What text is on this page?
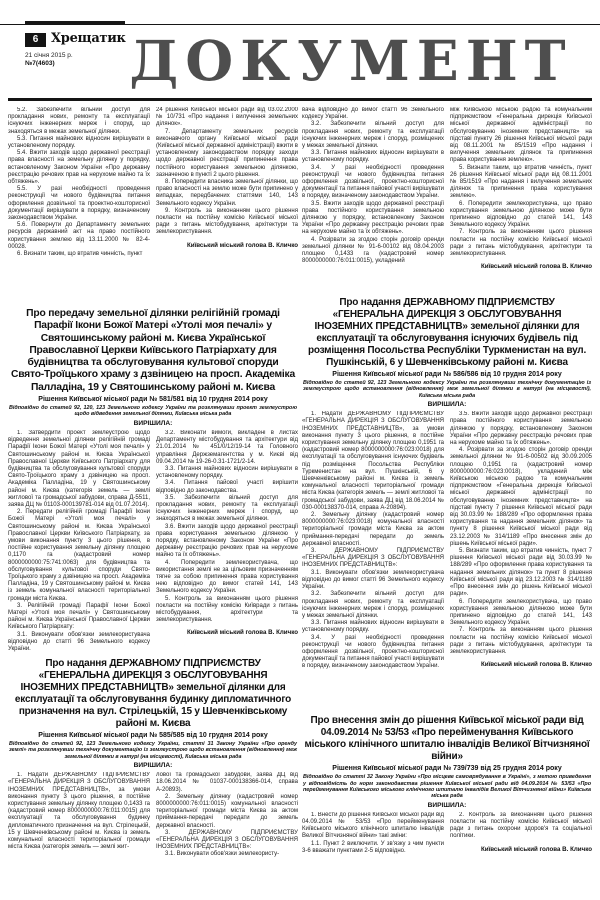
6 Хрещатик
21 січня 2015 р.
№7(4603)	ДОКУМЕНТ

5.2. Забезпечити вільний доступ для прокладання нових, ремонту та експлуатації існуючих інженерних мереж і споруд, що знаходяться в межах земельної ділянки.

5.3. Питання майнових відносин вирішувати в установленому порядку.

5.4. Вжити заходів щодо державної реєстрації права власності на земельну ділянку у порядку, встановленому Законом України «Про державну реєстрацію речових прав на нерухоме майно та їх обтяжень».

5.5. У разі необхідності проведення реконструкції чи нового будівництва питання оформлення дозвільної та проектно-кошторисної документації вирішувати в порядку, визначеному законодавством України.

5.6. Повернути до Департаменту земельних ресурсів державний акт на право постійного користування землею від 13.11.2000 № 82-4-00028.

6. Визнати таким, що втратив чинність, пункт

24 рішення Київської міської ради від 03.02.2000 № 10/731 «Про надання і вилучення земельних ділянок».

7. Департаменту земельних ресурсів виконавчого органу Київської міської ради (Київської міської державної адміністрації) вжити в установленому законодавством порядку заходи щодо державної реєстрації припинення права постійного користування земельною ділянкою, зазначеною в пункті 2 цього рішення.

8. Попередити власника земельної ділянки, що право власності на землю може бути припинено у випадках, передбачених статтями 140, 143 Земельного кодексу України.

9. Контроль за виконанням цього рішення покласти на постійну комісію Київської міської ради з питань містобудування, архітектури та землекористування.

Київський міський голова В. Кличко
Про передачу земельної ділянки релігійній громаді Парафії Ікони Божої Матері «Утолі моя печалі» у Святошинському районі м. Києва Української Православної Церкви Київського Патріархату для будівництва та обслуговування культової споруди Свято-Троїцького храму з дзвіницею на просп. Академіка Палладіна, 19 у Святошинському районі м. Києва
Рішення Київської міської ради № 581/581 від 10 грудня 2014 року
Відповідно до статей 92, 120, 123 Земельного кодексу України та розглянувши проект землеустрою щодо відведення земельної ділянки, Київська міська рада
ВИРІШИЛА:

1. Затвердити проект землеустрою щодо відведення земельної ділянки релігійній громаді Парафії Ікони Божої Матері «Утолі моя печалі» у Святошинському районі м. Києва Української Православної Церкви Київського Патріархату для будівництва та обслуговування культової споруди Свято-Троїцького храму з дзвіницею на просп. Академіка Палладіна, 19 у Святошинському районі м. Києва (категорія земель — землі житлової та громадської забудови, справа Д-5511, заява ДЦ № 01103-000139781-014 від 01.07.2014).

2. Передати релігійній громаді Парафії Ікони Божої Матері «Утолі моя печалі» у Святошинському районі м. Києва Української Православної Церкви Київського Патріархату, за умови виконання пункту 3 цього рішення, в постійне користування земельну ділянку площею 0,1170 га (кадастровий номер 8000000000:75:741:0063) для будівництва та обслуговування культової споруди Свято-Троїцького храму з дзвіницею на просп. Академіка Палладіна, 19 у Святошинському районі м. Києва із земель комунальної власності територіальної громади міста Києва.

3. Релігійній громаді Парафії Ікони Божої Матері «Утолі моя печалі» у Святошинському районі м. Києва Української Православної Церкви Київського Патріархату:

3.1. Виконувати обов'язки землекористувача відповідно до статті 96 Земельного кодексу України.

3.2. Виконати вимоги, викладені в листах Департаменту містобудування та архітектури від 21.01.2014 № 451/0/12/19-14 та Головного управління Держземагентства у м. Києві від 09.04.2014 № 19-26-0.31-1721/2-14.

3.3. Питання майнових відносин вирішувати в установленому порядку.

3.4. Питання пайової участі вирішити відповідно до законодавства.

3.5. Забезпечити вільний доступ для прокладання нових, ремонту та експлуатації існуючих інженерних мереж і споруд, що знаходяться в межах земельної ділянки.

3.6. Вжити заходів щодо державної реєстрації права користування земельною ділянкою у порядку, встановленому Законом України «Про державну реєстрацію речових прав на нерухоме майно та їх обтяжень».

4. Попередити землекористувача, що використання землі не за цільовим призначенням тягне за собою припинення права користування нею відповідно до вимог статей 141, 143 Земельного кодексу України.

5. Контроль за виконанням цього рішення покласти на постійну комісію Київради з питань містобудування, архітектури та землекористування.

Київський міський голова В. Кличко
Про надання ДЕРЖАВНОМУ ПІДПРИЄМСТВУ «ГЕНЕРАЛЬНА ДИРЕКЦІЯ З ОБСЛУГОВУВАННЯ ІНОЗЕМНИХ ПРЕДСТАВНИЦТВ» земельної ділянки для експлуатації та обслуговування будинку дипломатичного призначення на вул. Стрілецькій, 15 у Шевченківському районі м. Києва
Рішення Київської міської ради № 585/585 від 10 грудня 2014 року
Відповідно до статей 92, 123 Земельного кодексу України, статті 31 Закону України «Про оренду землі» та розглянувши технічну документацію із землеустрою щодо встановлення (відновлення) меж земельної ділянки в натурі (на місцевості), Київська міська рада
ВИРІШИЛА:

1. Надати ДЕРЖАВНОМУ ПІДПРИЄМСТВУ «ГЕНЕРАЛЬНА ДИРЕКЦІЯ З ОБСЛУГОВУВАННЯ ІНОЗЕМНИХ ПРЕДСТАВНИЦТВ», за умови виконання пункту 3 цього рішення, в постійне користування земельну ділянку площею 0,1433 га (кадастровий номер 8000000000:76:011:0015) для експлуатації та обслуговування будинку дипломатичного призначення на вул. Стрілецькій, 15 у Шевченківському районі м. Києва із земель комунальної власності територіальної громади міста Києва (категорія земель — землі жит-

лової та громадської забудови, заява ДЦ від 18.06.2014 № 01037-000138366-014, справа А-20893).

2. Земельну ділянку (кадастровий номер 8000000000:76:011:0015) комунальної власності територіальної громади міста Києва за актом приймання-передачі передати до земель державної власності.

3. ДЕРЖАВНОМУ ПІДПРИЄМСТВУ «ГЕНЕРАЛЬНА ДИРЕКЦІЯ З ОБСЛУГОВУВАННЯ ІНОЗЕМНИХ ПРЕДСТАВНИЦТВ»:

3.1. Виконувати обов'язки землекористу-

вача відповідно до вимог статті 96 Земельного кодексу України.

3.2. Забезпечити вільний доступ для прокладання нових, ремонту та експлуатації існуючих інженерних мереж і споруд, розміщених у межах земельної ділянки.

3.3. Питання майнових відносин вирішувати в установленому порядку.

3.4. У разі необхідності проведення реконструкції чи нового будівництва питання оформлення дозвільної, проектно-кошторисної документації та питання пайової участі вирішувати в порядку, визначеному законодавством України.

3.5. Вжити заходів щодо державної реєстрації права постійного користування земельною ділянкою у порядку, встановленому Законом України «Про державну реєстрацію речових прав на нерухоме майно та їх обтяжень».

4. Розірвати за згодою сторін договір оренди земельної ділянки № 91-6-00102 від 08.04.2003 площею 0,1433 га (кадастровий номер 8000000000:76:011:0015), укладений

між Київською міською радою та комунальним підприємством «Генеральна дирекція Київської міської державної адміністрації по обслуговуванню іноземних представництв» на підставі пункту 26 рішення Київської міської ради від 08.11.2001 № 85/1519 «Про надання і вилучення земельних ділянок та припинення права користування землею».

5. Визнати таким, що втратив чинність, пункт 26 рішення Київської міської ради від 08.11.2001 № 85/1519 «Про надання і вилучення земельних ділянок та припинення права користування землею».

6. Попередити землекористувача, що право користування земельною ділянкою може бути припинено відповідно до статей 141, 143 Земельного кодексу України.

7. Контроль за виконанням цього рішення покласти на постійну комісію Київської міської ради з питань містобудування, архітектури та землекористування.

Київський міський голова В. Кличко
Про надання ДЕРЖАВНОМУ ПІДПРИЄМСТВУ «ГЕНЕРАЛЬНА ДИРЕКЦІЯ З ОБСЛУГОВУВАННЯ ІНОЗЕМНИХ ПРЕДСТАВНИЦТВ» земельної ділянки для експлуатації та обслуговування існуючих будівель під розміщення Посольства Республіки Туркменистан на вул. Пушкінській, 6 у Шевченківському районі м. Києва
Рішення Київської міської ради № 586/586 від 10 грудня 2014 року
Відповідно до статей 92, 123 Земельного кодексу України та розглянувши технічну документацію із землеустрою щодо встановлення (відновлення) меж земельної ділянки в натурі (на місцевості), Київська міська рада
ВИРІШИЛА:

1. Надати ДЕРЖАВНОМУ ПІДПРИЄМСТВУ «ГЕНЕРАЛЬНА ДИРЕКЦІЯ З ОБСЛУГОВУВАННЯ ІНОЗЕМНИХ ПРЕДСТАВНИЦТВ», за умови виконання пункту 3 цього рішення, в постійне користування земельну ділянку площею 0,1951 га (кадастровий номер 8000000000:76:023:0018) для експлуатації та обслуговування існуючих будівель під розміщення Посольства Республіки Туркменистан на вул. Пушкінській, 6 у Шевченківському районі м. Києва із земель комунальної власності територіальної громади міста Києва (категорія земель — землі житлової та громадської забудови, заява ДЦ від 18.06.2014 № 030-000138370-014, справа А-20894).

2. Земельну ділянку (кадастровий номер 8000000000:76:023:0018) комунальної власності територіальної громади міста Києва за актом приймання-передачі передати до земель державної власності.

3. ДЕРЖАВНОМУ ПІДПРИЄМСТВУ «ГЕНЕРАЛЬНА ДИРЕКЦІЯ З ОБСЛУГОВУВАННЯ ІНОЗЕМНИХ ПРЕДСТАВНИЦТВ»:

3.1. Виконувати обов'язки землекористувача відповідно до вимог статті 96 Земельного кодексу України.

3.2. Забезпечити вільний доступ для прокладання нових, ремонту та експлуатації існуючих інженерних мереж і споруд, розміщених у межах земельної ділянки.

3.3. Питання майнових відносин вирішувати в установленому порядку.

3.4. У разі необхідності проведення реконструкції чи нового будівництва питання оформлення дозвільної, проектно-кошторисної документації та питання пайової участі вирішувати в порядку, визначеному законодавством України.

3.5. Вжити заходів щодо державної реєстрації права постійного користування земельною ділянкою у порядку, встановленому Законом України «Про державну реєстрацію речових прав на нерухоме майно та їх обтяжень».

4. Розірвати за згодою сторін договір оренди земельної ділянки № 91-6-00502 від 30.09.2005 площею 0,1951 га (кадастровий номер 8000000000:76:023:0018), укладений між Київською міською радою та комунальним підприємством «Генеральна дирекція Київської міської державної адміністрації по обслуговуванню іноземних представництв» на підставі пункту 7 рішення Київської міської ради від 30.03.99 № 188/289 «Про оформлення права користування та надання земельних ділянок» та пункту 8 рішення Київської міської ради від 23.12.2003 № 314/1189 «Про внесення змін до рішень Київської міської ради».

5. Визнати таким, що втратив чинність, пункт 7 рішення Київської міської ради від 30.03.99 № 188/289 «Про оформлення права користування та надання земельних ділянок» та пункт 8 рішення Київської міської ради від 23.12.2003 № 314/1189 «Про внесення змін до рішень Київської міської ради».

6. Попередити землекористувача, що право користування земельною ділянкою може бути припинено відповідно до статей 141, 143 Земельного кодексу України.

7. Контроль за виконанням цього рішення покласти на постійну комісію Київської міської ради з питань містобудування, архітектури та землекористування.

Київський міський голова В. Кличко
Про внесення змін до рішення Київської міської ради від 04.09.2014 № 53/53 «Про перейменування Київського міського клінічного шпиталю інвалідів Великої Вітчизняної війни»
Рішення Київської міської ради № 739/739 від 25 грудня 2014 року
Відповідно до статті 32 Закону України «Про місцеве самоврядування в Україні», з метою приведення у відповідність до норм законодавства рішення Київської міської ради від 04.09.2014 № 53/53 «Про перейменування Київського міського клінічного шпиталю інвалідів Великої Вітчизняної війни» Київська міська рада
ВИРІШИЛА:

1. Внести до рішення Київської міської ради від 04.09.2014 № 53/53 «Про перейменування Київського міського клінічного шпиталю інвалідів Великої Вітчизняної війни» такі зміни:

1.1. Пункт 2 виключити. У зв'язку з чим пункти 3-6 вважати пунктами 2-5 відповідно.

2. Контроль за виконанням цього рішення покласти на постійну комісію Київської міської ради з питань охорони здоров'я та соціальної політики.

Київський міський голова В. Кличко
